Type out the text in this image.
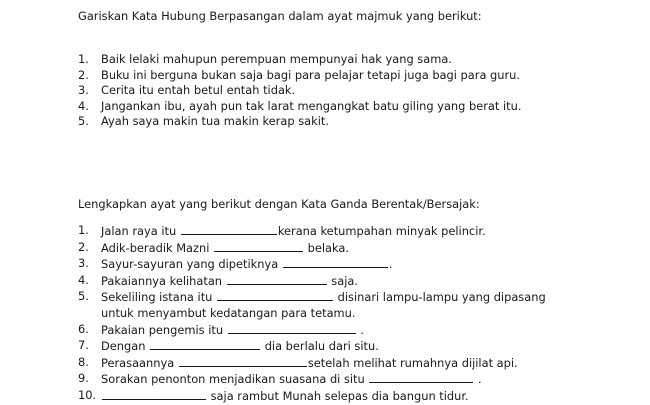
Gariskan Kata Hubung Berpasangan dalam ayat majmuk yang berikut:
1. Baik lelaki mahupun perempuan mempunyai hak yang sama.
2. Buku ini berguna bukan saja bagi para pelajar tetapi juga bagi para guru.
3. Cerita itu entah betul entah tidak.
4. Jangankan ibu, ayah pun tak larat mengangkat batu giling yang berat itu.
5. Ayah saya makin tua makin kerap sakit.
Lengkapkan ayat yang berikut dengan Kata Ganda Berentak/Bersajak:
1. Jalan raya itu	kerana ketumpahan minyak pelincir.
2. Adik-beradik Mazni	belaka.
3. Sayur-sayuran yang dipetiknya	.
4. Pakaiannya kelihatan	saja.
5. Sekeliling istana itu	disinari lampu-lampu yang dipasang untuk menyambut kedatangan para tetamu.
6. Pakaian pengemis itu	.
7. Dengan	dia berlalu dari situ.
8. Perasaannya	setelah melihat rumahnya dijilat api.
9. Sorakan penonton menjadikan suasana di situ	.
10.	saja rambut Munah selepas dia bangun tidur.
